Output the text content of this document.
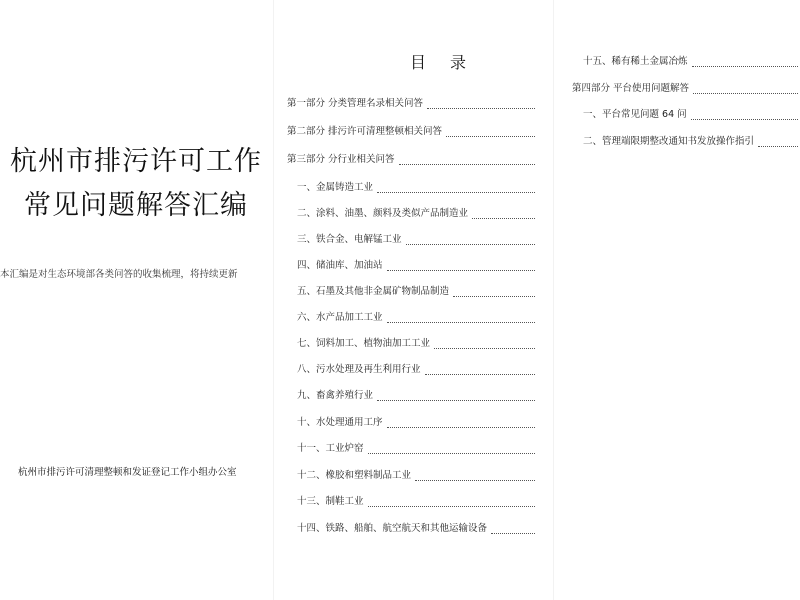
杭州市排污许可工作
常见问题解答汇编
本汇编是对生态环境部各类问答的收集梳理，将持续更新
杭州市排污许可清理整顿和发证登记工作小组办公室
目录
第一部分 分类管理名录相关问答
第二部分 排污许可清理整顿相关问答
第三部分 分行业相关问答
一、金属铸造工业
二、涂料、油墨、颜料及类似产品制造业
三、铁合金、电解锰工业
四、储油库、加油站
五、石墨及其他非金属矿物制品制造
六、水产品加工工业
七、饲料加工、植物油加工工业
八、污水处理及再生利用行业
九、畜禽养殖行业
十、水处理通用工序
十一、工业炉窑
十二、橡胶和塑料制品工业
十三、制鞋工业
十四、铁路、船舶、航空航天和其他运输设备
十五、稀有稀土金属冶炼
第四部分 平台使用问题解答
一、平台常见问题 64 问
二、管理端限期整改通知书发放操作指引
